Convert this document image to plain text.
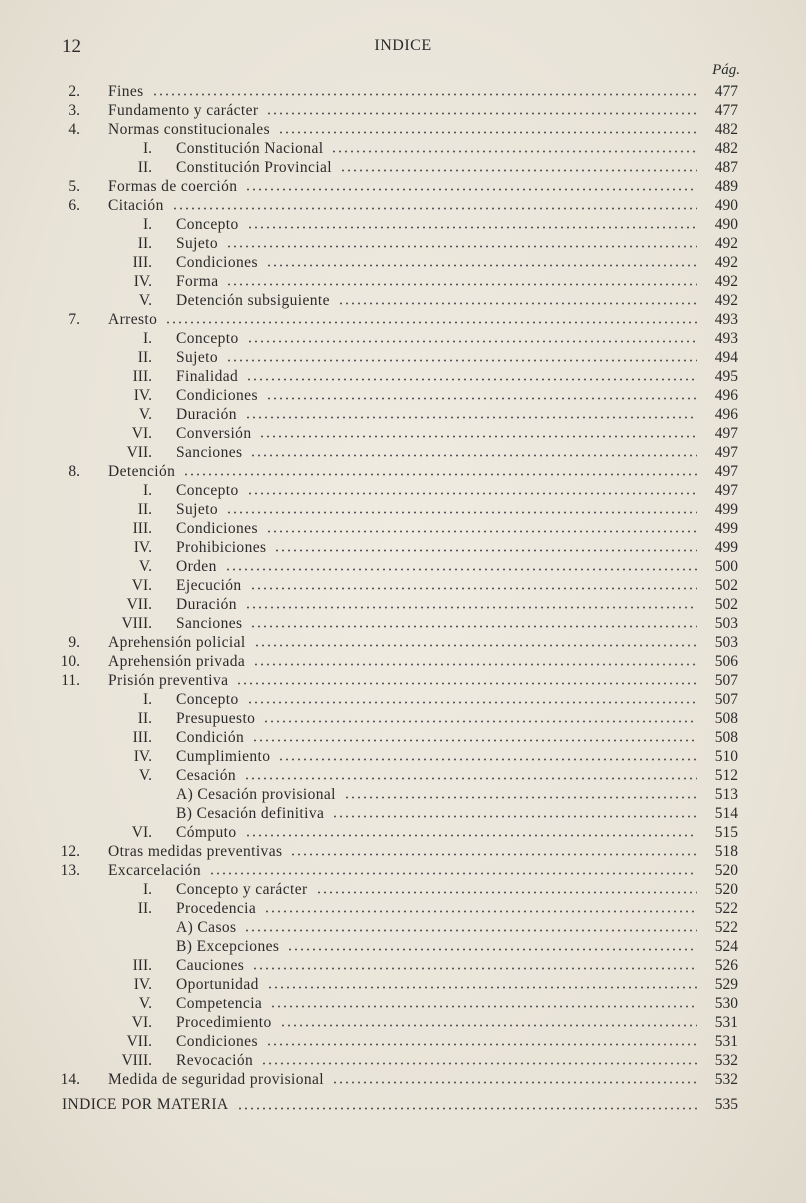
12	INDICE
Pág.
2. Fines	477
3. Fundamento y carácter	477
4. Normas constitucionales	482
I. Constitución Nacional	482
II. Constitución Provincial	487
5. Formas de coerción	489
6. Citación	490
I. Concepto	490
II. Sujeto	492
III. Condiciones	492
IV. Forma	492
V. Detención subsiguiente	492
7. Arresto	493
I. Concepto	493
II. Sujeto	494
III. Finalidad	495
IV. Condiciones	496
V. Duración	496
VI. Conversión	497
VII. Sanciones	497
8. Detención	497
I. Concepto	497
II. Sujeto	499
III. Condiciones	499
IV. Prohibiciones	499
V. Orden	500
VI. Ejecución	502
VII. Duración	502
VIII. Sanciones	503
9. Aprehensión policial	503
10. Aprehensión privada	506
11. Prisión preventiva	507
I. Concepto	507
II. Presupuesto	508
III. Condición	508
IV. Cumplimiento	510
V. Cesación	512
A) Cesación provisional	513
B) Cesación definitiva	514
VI. Cómputo	515
12. Otras medidas preventivas	518
13. Excarcelación	520
I. Concepto y carácter	520
II. Procedencia	522
A) Casos	522
B) Excepciones	524
III. Cauciones	526
IV. Oportunidad	529
V. Competencia	530
VI. Procedimiento	531
VII. Condiciones	531
VIII. Revocación	532
14. Medida de seguridad provisional	532
INDICE POR MATERIA	535
